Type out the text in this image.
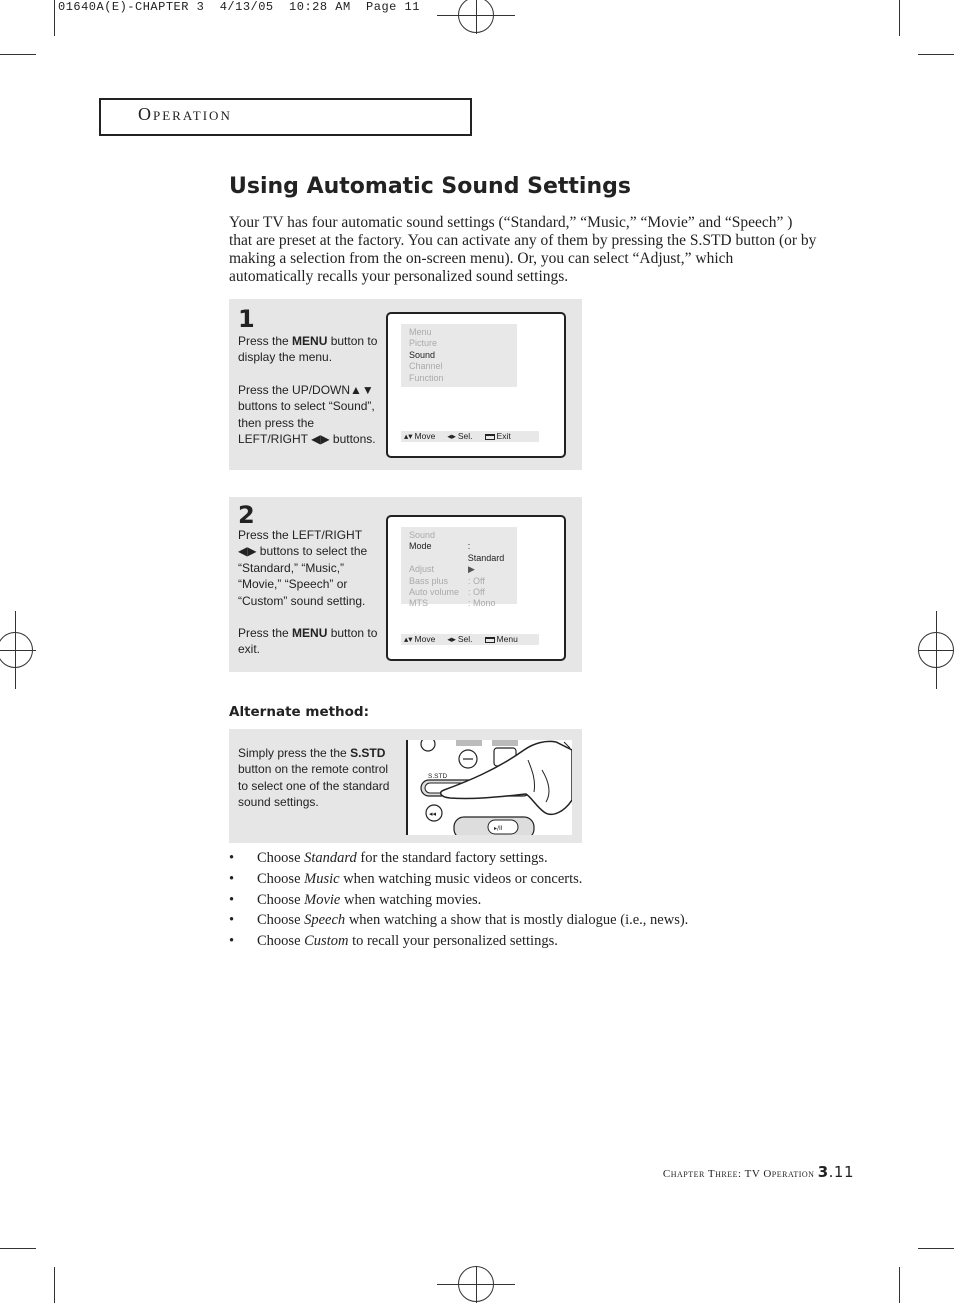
01640A(E)-CHAPTER 3  4/13/05  10:28 AM  Page 11
Operation
Using Automatic Sound Settings
Your TV has four automatic sound settings (“Standard,” “Music,” “Movie” and “Speech” ) that are preset at the factory. You can activate any of them by pressing the S.STD button (or by making a selection from the on-screen menu). Or, you can select “Adjust,” which automatically recalls your personalized sound settings.
1
Press the MENU button to display the menu.
Press the UP/DOWN▲▼ buttons to select “Sound”, then press the LEFT/RIGHT ◀▶ buttons.
Menu
Picture
Sound
Channel
Function
▴▾ Move ◂▸ Sel.	Exit
2
Press the LEFT/RIGHT ◀▶ buttons to select the “Standard,” “Music,” “Movie,” “Speech” or “Custom” sound setting.
Press the MENU button to exit.
Sound
Mode	: Standard
Adjust	▶
Bass plus	: Off
Auto volume : Off
MTS	: Mono
▴▾ Move ◂▸ Sel.	Menu
Alternate method:
Simply press the the S.STD button on the remote control to select one of the standard sound settings.
S.STD
◂◂
▸/II
• Choose Standard for the standard factory settings.
• Choose Music when watching music videos or concerts.
• Choose Movie when watching movies.
• Choose Speech when watching a show that is mostly dialogue (i.e., news).
• Choose Custom to recall your personalized settings.
Chapter Three: TV Operation 3.11
